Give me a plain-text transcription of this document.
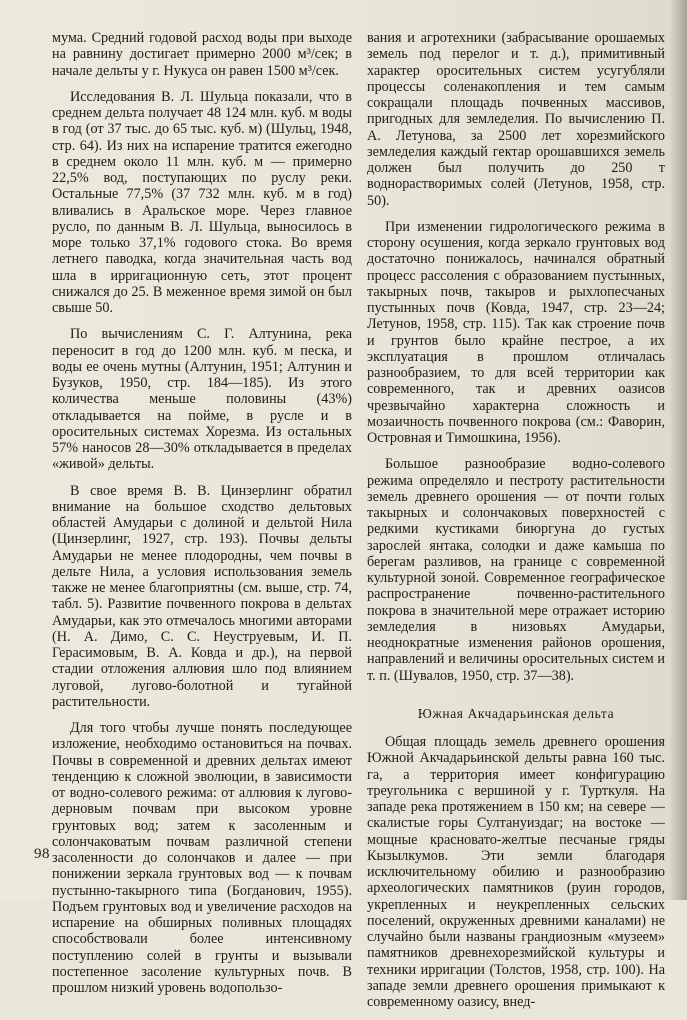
мума. Средний годовой расход воды при выходе на равнину достигает примерно 2000 м³/сек; в начале дельты у г. Нукуса он равен 1500 м³/сек.

Исследования В. Л. Шульца показали, что в среднем дельта получает 48 124 млн. куб. м воды в год (от 37 тыс. до 65 тыс. куб. м) (Шульц, 1948, стр. 64). Из них на испарение тратится ежегодно в среднем около 11 млн. куб. м — примерно 22,5% вод, поступающих по руслу реки. Остальные 77,5% (37 732 млн. куб. м в год) вливались в Аральское море. Через главное русло, по данным В. Л. Шульца, выносилось в море только 37,1% годового стока. Во время летнего паводка, когда значительная часть вод шла в ирригационную сеть, этот процент снижался до 25. В меженное время зимой он был свыше 50.

По вычислениям С. Г. Алтунина, река переносит в год до 1200 млн. куб. м песка, и воды ее очень мутны (Алтунин, 1951; Алтунин и Бузуков, 1950, стр. 184—185). Из этого количества меньше половины (43%) откладывается на пойме, в русле и в оросительных системах Хорезма. Из остальных 57% наносов 28—30% откладывается в пределах «живой» дельты.

В свое время В. В. Цинзерлинг обратил внимание на большое сходство дельтовых областей Амударьи с долиной и дельтой Нила (Цинзерлинг, 1927, стр. 193). Почвы дельты Амударьи не менее плодородны, чем почвы в дельте Нила, а условия использования земель также не менее благоприятны (см. выше, стр. 74, табл. 5). Развитие почвенного покрова в дельтах Амударьи, как это отмечалось многими авторами (Н. А. Димо, С. С. Неуструевым, И. П. Герасимовым, В. А. Ковда и др.), на первой стадии отложения аллювия шло под влиянием луговой, лугово-болотной и тугайной растительности.

Для того чтобы лучше понять последующее изложение, необходимо остановиться на почвах. Почвы в современной и древних дельтах имеют тенденцию к сложной эволюции, в зависимости от водно-солевого режима: от аллювия к лугово-дерновым почвам при высоком уровне грунтовых вод; затем к засоленным и солончаковатым почвам различной степени засоленности до солончаков и далее — при понижении зеркала грунтовых вод — к почвам пустынно-такырного типа (Богданович, 1955). Подъем грунтовых вод и увеличение расходов на испарение на обширных поливных площадях способствовали более интенсивному поступлению солей в грунты и вызывали постепенное засоление культурных почв. В прошлом низкий уровень водопользо-

вания и агротехники (забрасывание орошаемых земель под перелог и т. д.), примитивный характер оросительных систем усугубляли процессы соленакопления и тем самым сокращали площадь почвенных массивов, пригодных для земледелия. По вычислению П. А. Летунова, за 2500 лет хорезмийского земледелия каждый гектар орошавшихся земель должен был получить до 250 т воднорастворимых солей (Летунов, 1958, стр. 50).

При изменении гидрологического режима в сторону осушения, когда зеркало грунтовых вод достаточно понижалось, начинался обратный процесс рассоления с образованием пустынных, такырных почв, такыров и рыхлопесчаных пустынных почв (Ковда, 1947, стр. 23—24; Летунов, 1958, стр. 115). Так как строение почв и грунтов было крайне пестрое, а их эксплуатация в прошлом отличалась разнообразием, то для всей территории как современного, так и древних оазисов чрезвычайно характерна сложность и мозаичность почвенного покрова (см.: Фаворин, Островная и Тимошкина, 1956).

Большое разнообразие водно-солевого режима определяло и пестроту растительности земель древнего орошения — от почти голых такырных и солончаковых поверхностей с редкими кустиками биюргуна до густых зарослей янтака, солодки и даже камыша по берегам разливов, на границе с современной культурной зоной. Современное географическое распространение почвенно-растительного покрова в значительной мере отражает историю земледелия в низовьях Амударьи, неоднократные изменения районов орошения, направлений и величины оросительных систем и т. п. (Шувалов, 1950, стр. 37—38).

Южная Акчадарьинская дельта

Общая площадь земель древнего орошения Южной Акчадарьинской дельты равна 160 тыс. га, а территория имеет конфигурацию треугольника с вершиной у г. Турткуля. На западе река протяжением в 150 км; на севере — скалистые горы Султануиздаг; на востоке — мощные красновато-желтые песчаные гряды Кызылкумов. Эти земли благодаря исключительному обилию и разнообразию археологических памятников (руин городов, укрепленных и неукрепленных сельских поселений, окруженных древними каналами) не случайно были названы грандиозным «музеем» памятников древнехорезмийской культуры и техники ирригации (Толстов, 1958, стр. 100). На западе земли древнего орошения примыкают к современному оазису, внед-

98
